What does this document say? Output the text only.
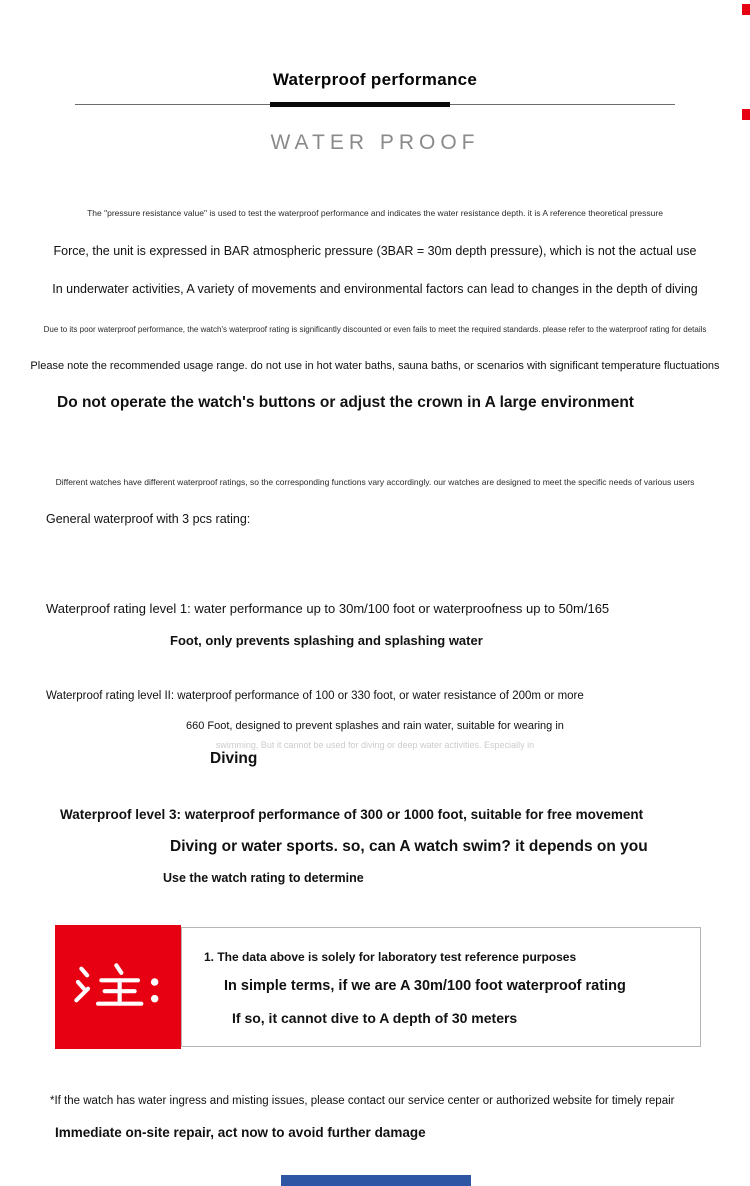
Waterproof performance
WATER PROOF
The "pressure resistance value" is used to test the waterproof performance and indicates the water resistance depth. it is A reference theoretical pressure
Force, the unit is expressed in BAR atmospheric pressure (3BAR = 30m depth pressure), which is not the actual use
In underwater activities, A variety of movements and environmental factors can lead to changes in the depth of diving
Due to its poor waterproof performance, the watch's waterproof rating is significantly discounted or even fails to meet the required standards. please refer to the waterproof rating for details
Please note the recommended usage range. do not use in hot water baths, sauna baths, or scenarios with significant temperature fluctuations
Do not operate the watch's buttons or adjust the crown in A large environment
Different watches have different waterproof ratings, so the corresponding functions vary accordingly. our watches are designed to meet the specific needs of various users
General waterproof with 3 pcs rating:
Waterproof rating level 1: water performance up to 30m/100 foot or waterproofness up to 50m/165
Foot, only prevents splashing and splashing water
Waterproof rating level II: waterproof performance of 100 or 330 foot, or water resistance of 200m or more
660 Foot, designed to prevent splashes and rain water, suitable for wearing in
swimming, But it cannot be used for diving or deep water activities. Especially in
Diving
Waterproof level 3: waterproof performance of 300 or 1000 foot, suitable for free movement
Diving or water sports. so, can A watch swim? it depends on you
Use the watch rating to determine
1. The data above is solely for laboratory test reference purposes
In simple terms, if we are A 30m/100 foot waterproof rating
If so, it cannot dive to A depth of 30 meters
*If the watch has water ingress and misting issues, please contact our service center or authorized website for timely repair
Immediate on-site repair, act now to avoid further damage
